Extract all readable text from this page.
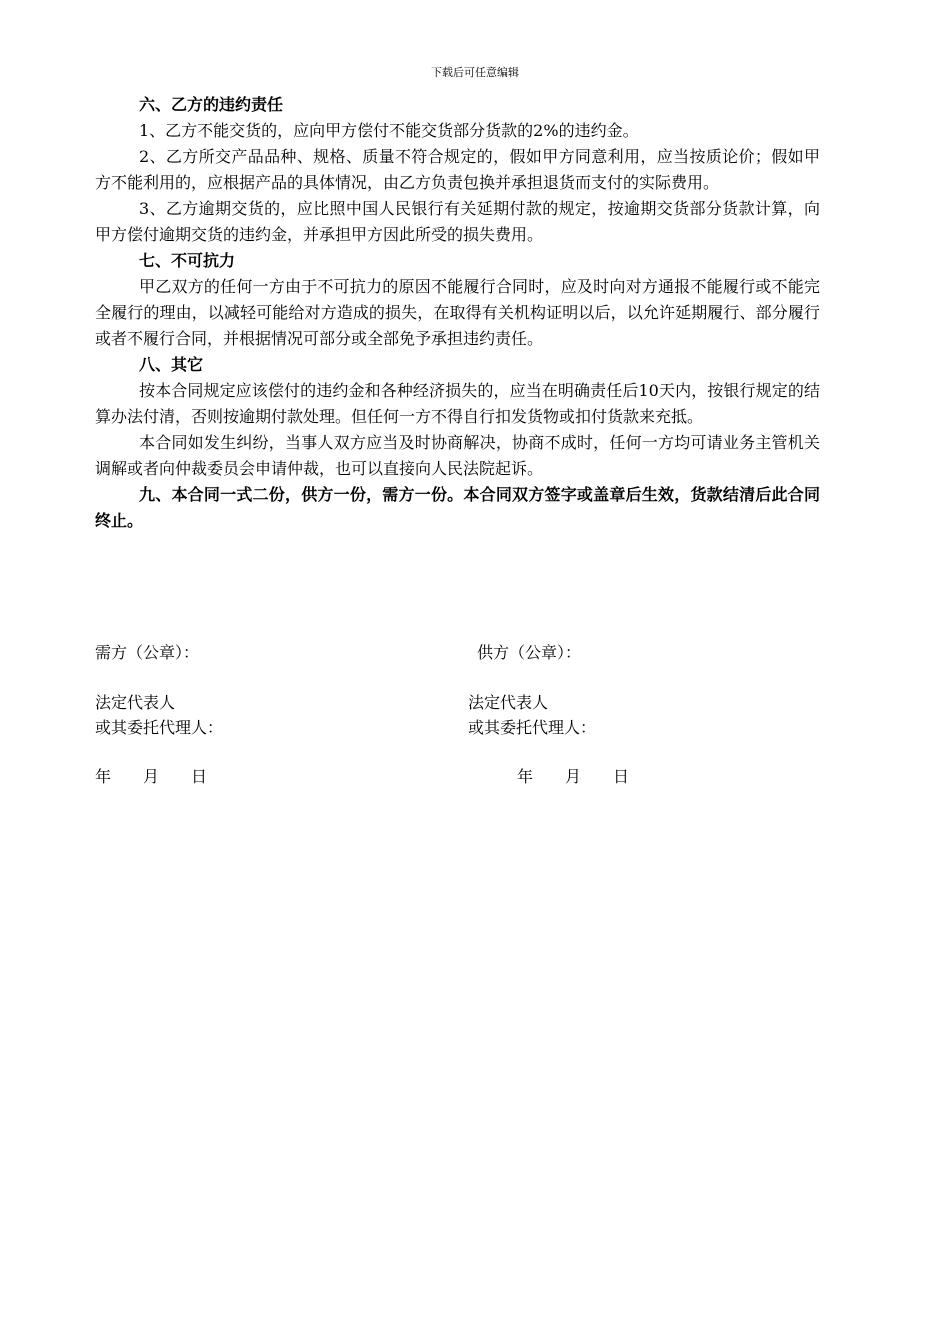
下载后可任意编辑

六、乙方的违约责任

1、乙方不能交货的，应向甲方偿付不能交货部分货款的2%的违约金。

2、乙方所交产品品种、规格、质量不符合规定的，假如甲方同意利用，应当按质论价；假如甲方不能利用的，应根据产品的具体情况，由乙方负责包换并承担退货而支付的实际费用。

3、乙方逾期交货的，应比照中国人民银行有关延期付款的规定，按逾期交货部分货款计算，向甲方偿付逾期交货的违约金，并承担甲方因此所受的损失费用。

七、不可抗力

甲乙双方的任何一方由于不可抗力的原因不能履行合同时，应及时向对方通报不能履行或不能完全履行的理由，以减轻可能给对方造成的损失，在取得有关机构证明以后，以允许延期履行、部分履行或者不履行合同，并根据情况可部分或全部免予承担违约责任。

八、其它

按本合同规定应该偿付的违约金和各种经济损失的，应当在明确责任后10天内，按银行规定的结算办法付清，否则按逾期付款处理。但任何一方不得自行扣发货物或扣付货款来充抵。

本合同如发生纠纷，当事人双方应当及时协商解决，协商不成时，任何一方均可请业务主管机关调解或者向仲裁委员会申请仲裁，也可以直接向人民法院起诉。

九、本合同一式二份，供方一份，需方一份。本合同双方签字或盖章后生效，货款结清后此合同终止。

需方（公章）：	供方（公章）：
法定代表人	法定代表人
或其委托代理人：	或其委托代理人：
年 月 日	年 月 日
